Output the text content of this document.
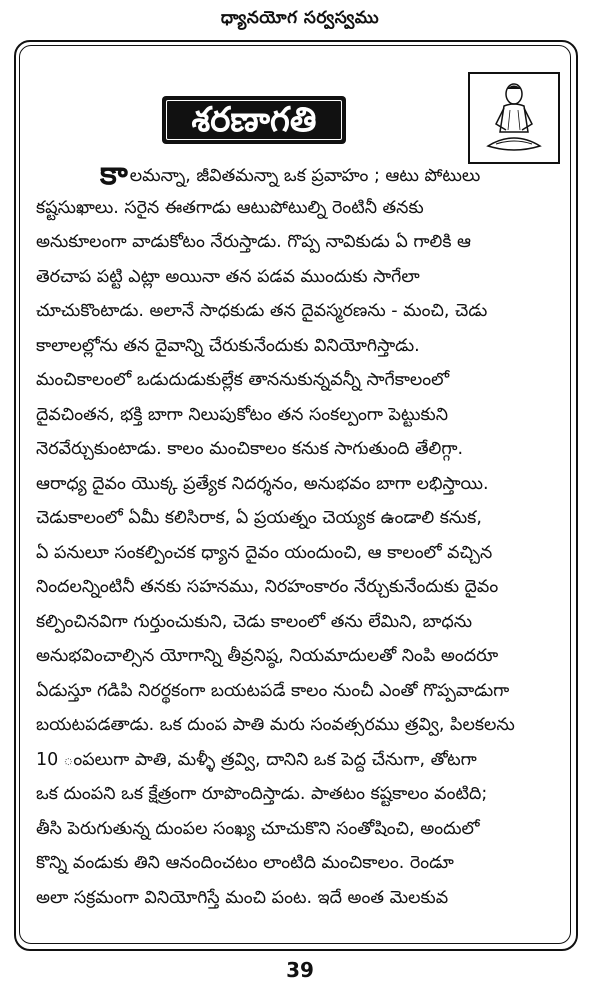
ధ్యానయోగ సర్వస్వము
శరణాగతి
కాలమన్నా, జీవితమన్నా ఒక ప్రవాహం ; ఆటు పోటులు
కష్టసుఖాలు. సరైన ఈతగాడు ఆటుపోటుల్ని రెంటినీ తనకు
అనుకూలంగా వాడుకోటం నేరుస్తాడు. గొప్ప నావికుడు ఏ గాలికి ఆ
తెరచాప పట్టి ఎట్లా అయినా తన పడవ ముందుకు సాగేలా
చూచుకొంటాడు. అలానే సాధకుడు తన దైవస్మరణను - మంచి, చెడు
కాలాలల్లోను తన దైవాన్ని చేరుకునేందుకు వినియోగిస్తాడు.
మంచికాలంలో ఒడుదుడుకుల్లేక తాననుకున్నవన్నీ సాగేకాలంలో
దైవచింతన, భక్తి బాగా నిలుపుకోటం తన సంకల్పంగా పెట్టుకుని
నెరవేర్చుకుంటాడు. కాలం మంచికాలం కనుక సాగుతుంది తేలిగ్గా.
ఆరాధ్య దైవం యొక్క ప్రత్యేక నిదర్శనం, అనుభవం బాగా లభిస్తాయి.
చెడుకాలంలో ఏమీ కలిసిరాక, ఏ ప్రయత్నం చెయ్యక ఉండాలి కనుక,
ఏ పనులూ సంకల్పించక ధ్యాన దైవం యందుంచి, ఆ కాలంలో వచ్చిన
నిందలన్నింటినీ తనకు సహనము, నిరహంకారం నేర్చుకునేందుకు దైవం
కల్పించినవిగా గుర్తుంచుకుని, చెడు కాలంలో తను లేమిని, బాధను
అనుభవించాల్సిన యోగాన్ని తీవ్రనిష్ఠ, నియమాదులతో నింపి అందరూ
ఏడుస్తూ గడిపి నిరర్థకంగా బయటపడే కాలం నుంచీ ఎంతో గొప్పవాడుగా
బయటపడతాడు. ఒక దుంప పాతి మరు సంవత్సరము త్రవ్వి, పిలకలను
10 ంపలుగా పాతి, మళ్ళీ త్రవ్వి, దానిని ఒక పెద్ద చేనుగా, తోటగా
ఒక దుంపని ఒక క్షేత్రంగా రూపొందిస్తాడు. పాతటం కష్టకాలం వంటిది;
తీసి పెరుగుతున్న దుంపల సంఖ్య చూచుకొని సంతోషించి, అందులో
కొన్ని వండుకు తిని ఆనందించటం లాంటిది మంచికాలం. రెండూ
అలా సక్రమంగా వినియోగిస్తే మంచి పంట. ఇదే అంత మెలకువ
39
